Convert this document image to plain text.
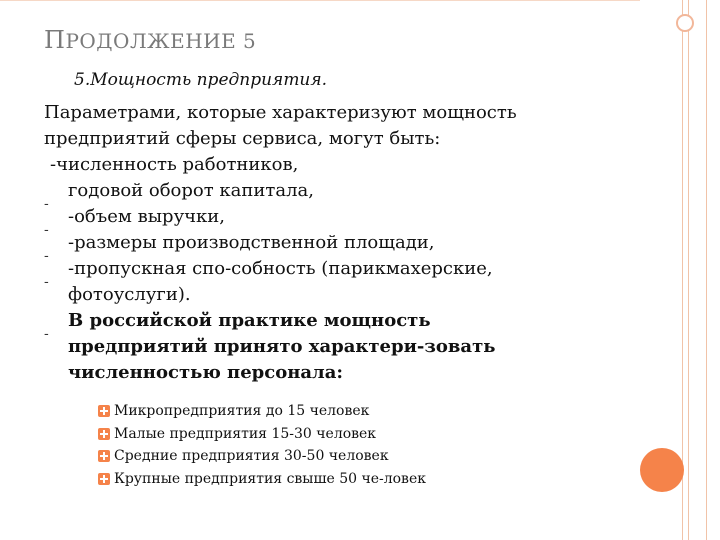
ПРОДОЛЖЕНИЕ 5
5.Мощность предприятия.
Параметрами, которые характеризуют мощность
предприятий сферы сервиса, могут быть:
-численность работников,
-
годовой оборот капитала,
-
-объем выручки,
-
-размеры производственной площади,
-
-пропускная спо-собность (парикмахерские,
фотоуслуги).
-
В российской практике мощность
предприятий принято характери-зовать
численностью персонала:
Микропредприятия до 15 человек
Малые предприятия 15-30 человек
Средние предприятия 30-50 человек
Крупные предприятия свыше 50 че-ловек
